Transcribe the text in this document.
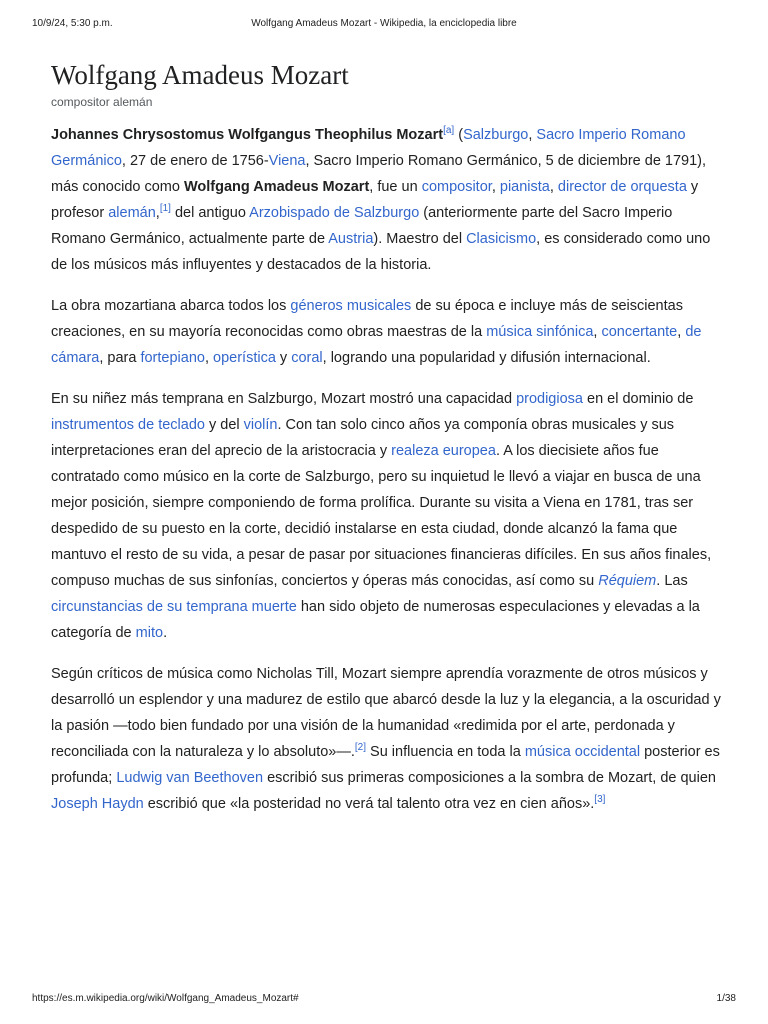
10/9/24, 5:30 p.m.	Wolfgang Amadeus Mozart - Wikipedia, la enciclopedia libre
Wolfgang Amadeus Mozart
compositor alemán

Johannes Chrysostomus Wolfgangus Theophilus Mozart[a] (Salzburgo, Sacro Imperio Romano Germánico, 27 de enero de 1756-Viena, Sacro Imperio Romano Germánico, 5 de diciembre de 1791), más conocido como Wolfgang Amadeus Mozart, fue un compositor, pianista, director de orquesta y profesor alemán,[1] del antiguo Arzobispado de Salzburgo (anteriormente parte del Sacro Imperio Romano Germánico, actualmente parte de Austria). Maestro del Clasicismo, es considerado como uno de los músicos más influyentes y destacados de la historia.

La obra mozartiana abarca todos los géneros musicales de su época e incluye más de seiscientas creaciones, en su mayoría reconocidas como obras maestras de la música sinfónica, concertante, de cámara, para fortepiano, operística y coral, logrando una popularidad y difusión internacional.

En su niñez más temprana en Salzburgo, Mozart mostró una capacidad prodigiosa en el dominio de instrumentos de teclado y del violín. Con tan solo cinco años ya componía obras musicales y sus interpretaciones eran del aprecio de la aristocracia y realeza europea. A los diecisiete años fue contratado como músico en la corte de Salzburgo, pero su inquietud le llevó a viajar en busca de una mejor posición, siempre componiendo de forma prolífica. Durante su visita a Viena en 1781, tras ser despedido de su puesto en la corte, decidió instalarse en esta ciudad, donde alcanzó la fama que mantuvo el resto de su vida, a pesar de pasar por situaciones financieras difíciles. En sus años finales, compuso muchas de sus sinfonías, conciertos y óperas más conocidas, así como su Réquiem. Las circunstancias de su temprana muerte han sido objeto de numerosas especulaciones y elevadas a la categoría de mito.

Según críticos de música como Nicholas Till, Mozart siempre aprendía vorazmente de otros músicos y desarrolló un esplendor y una madurez de estilo que abarcó desde la luz y la elegancia, a la oscuridad y la pasión —todo bien fundado por una visión de la humanidad «redimida por el arte, perdonada y reconciliada con la naturaleza y lo absoluto»—.[2] Su influencia en toda la música occidental posterior es profunda; Ludwig van Beethoven escribió sus primeras composiciones a la sombra de Mozart, de quien Joseph Haydn escribió que «la posteridad no verá tal talento otra vez en cien años».[3]

https://es.m.wikipedia.org/wiki/Wolfgang_Amadeus_Mozart#	1/38
